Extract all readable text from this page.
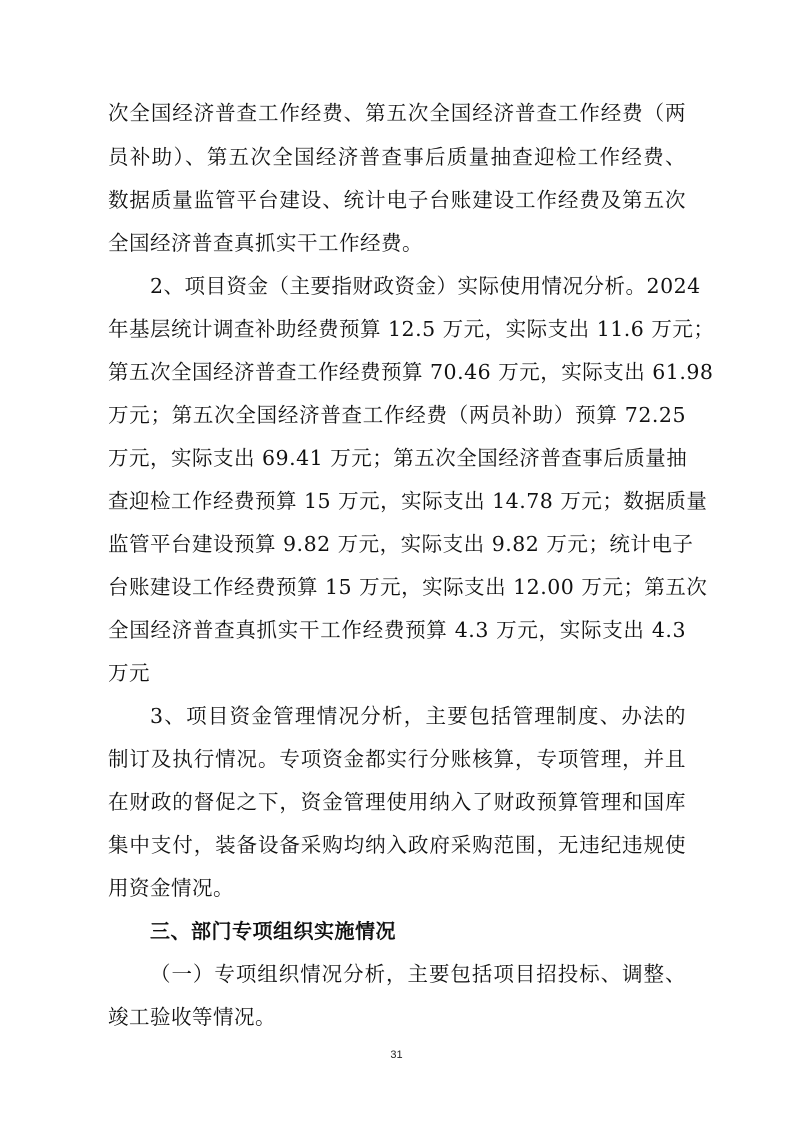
次全国经济普查工作经费、第五次全国经济普查工作经费（两
员补助）、第五次全国经济普查事后质量抽查迎检工作经费、
数据质量监管平台建设、统计电子台账建设工作经费及第五次
全国经济普查真抓实干工作经费。
2、项目资金（主要指财政资金）实际使用情况分析。2024
年基层统计调查补助经费预算 12.5 万元，实际支出 11.6 万元；
第五次全国经济普查工作经费预算 70.46 万元，实际支出 61.98
万元；第五次全国经济普查工作经费（两员补助）预算 72.25
万元，实际支出 69.41 万元；第五次全国经济普查事后质量抽
查迎检工作经费预算 15 万元，实际支出 14.78 万元；数据质量
监管平台建设预算 9.82 万元，实际支出 9.82 万元；统计电子
台账建设工作经费预算 15 万元，实际支出 12.00 万元；第五次
全国经济普查真抓实干工作经费预算 4.3 万元，实际支出 4.3
万元
3、项目资金管理情况分析，主要包括管理制度、办法的
制订及执行情况。专项资金都实行分账核算，专项管理，并且
在财政的督促之下，资金管理使用纳入了财政预算管理和国库
集中支付，装备设备采购均纳入政府采购范围，无违纪违规使
用资金情况。
三、部门专项组织实施情况
（一）专项组织情况分析，主要包括项目招投标、调整、
竣工验收等情况。
31
